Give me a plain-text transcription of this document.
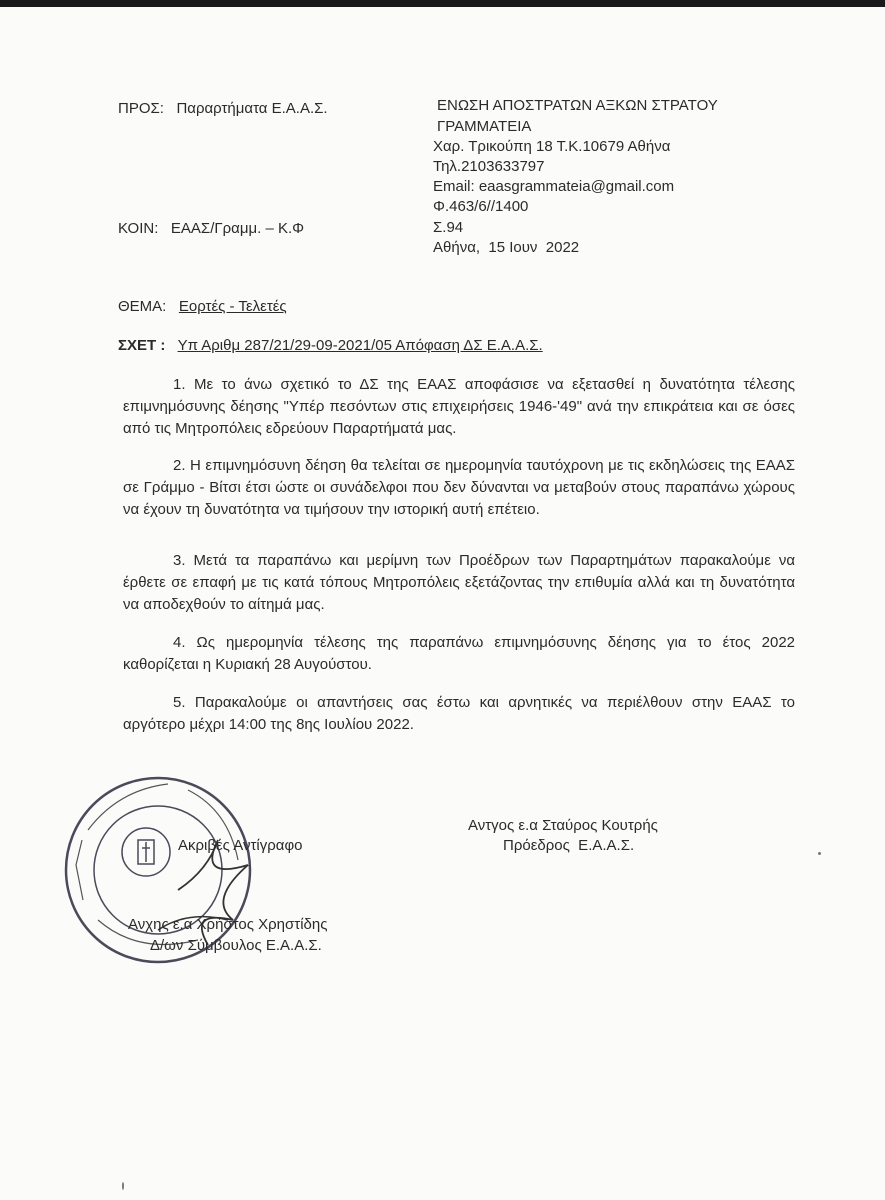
ΠΡΟΣ: Παραρτήματα Ε.Α.Α.Σ.
ΚΟΙΝ: ΕΑΑΣ/Γραμμ. – Κ.Φ
ΕΝΩΣΗ ΑΠΟΣΤΡΑΤΩΝ ΑΞΚΩΝ ΣΤΡΑΤΟΥ
ΓΡΑΜΜΑΤΕΙΑ
Χαρ. Τρικούπη 18 Τ.Κ.10679 Αθήνα
Τηλ.2103633797
Email: eaasgrammateia@gmail.com
Φ.463/6//1400
Σ.94
Αθήνα,  15 Ιουν  2022
ΘΕΜΑ: Εορτές - Τελετές
ΣΧΕΤ : Υπ Αριθμ 287/21/29-09-2021/05 Απόφαση ΔΣ Ε.Α.Α.Σ.
1. Με το άνω σχετικό το ΔΣ της ΕΑΑΣ αποφάσισε να εξετασθεί η δυνατότητα τέλεσης επιμνημόσυνης δέησης "Υπέρ πεσόντων στις επιχειρήσεις 1946-'49" ανά την επικράτεια και σε όσες από τις Μητροπόλεις εδρεύουν Παραρτήματά μας.
2. Η επιμνημόσυνη δέηση θα τελείται σε ημερομηνία ταυτόχρονη με τις εκδηλώσεις της ΕΑΑΣ σε Γράμμο - Βίτσι έτσι ώστε οι συνάδελφοι που δεν δύνανται να μεταβούν στους παραπάνω χώρους να έχουν τη δυνατότητα να τιμήσουν την ιστορική αυτή επέτειο.
3. Μετά τα παραπάνω και μερίμνη των Προέδρων των Παραρτημάτων παρακαλούμε να έρθετε σε επαφή με τις κατά τόπους Μητροπόλεις εξετάζοντας την επιθυμία αλλά και τη δυνατότητα να αποδεχθούν το αίτημά μας.
4. Ως ημερομηνία τέλεσης της παραπάνω επιμνημόσυνης δέησης για το έτος 2022 καθορίζεται η Κυριακή 28 Αυγούστου.
5. Παρακαλούμε οι απαντήσεις σας έστω και αρνητικές να περιέλθουν στην ΕΑΑΣ το αργότερο μέχρι 14:00 της 8ης Ιουλίου 2022.
Αντγος ε.α Σταύρος Κουτρής
Πρόεδρος  Ε.Α.Α.Σ.
Ακριβές Αντίγραφο
Ανχης ε.α Χρήστος Χρηστίδης
Δ/ων Σύμβουλος Ε.Α.Α.Σ.
